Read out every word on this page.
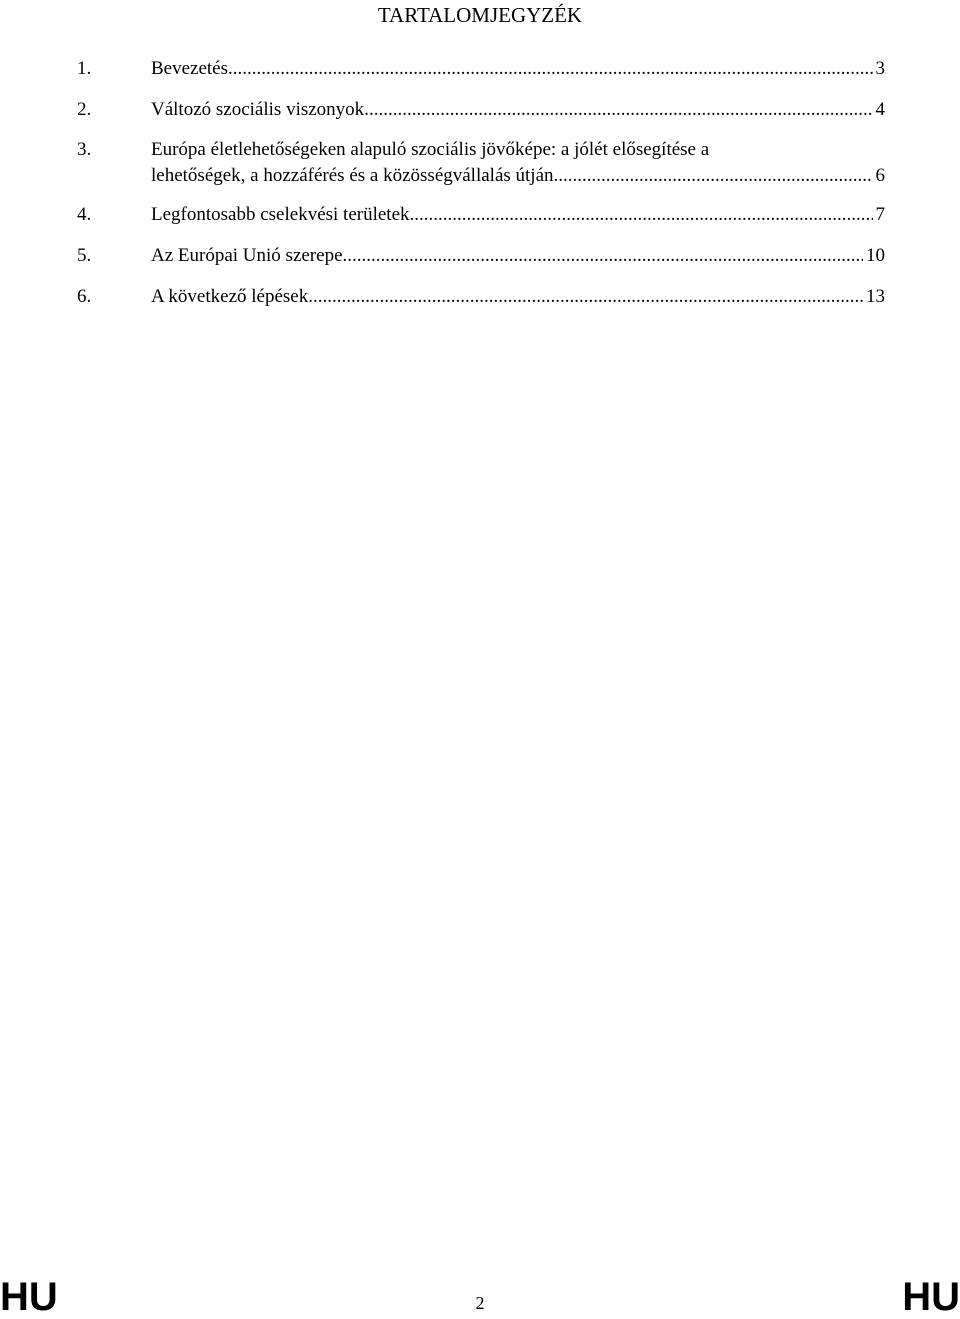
TARTALOMJEGYZÉK
1.	Bevezetés .....	3
2.	Változó szociális viszonyok .....	4
3.	Európa életlehetőségeken alapuló szociális jövőképe: a jólét elősegítése a
lehetőségek, a hozzáférés és a közösségvállalás útján .....	6
4.	Legfontosabb cselekvési területek .....	7
5.	Az Európai Unió szerepe .....	10
6.	A következő lépések .....	13
HU	2	HU
